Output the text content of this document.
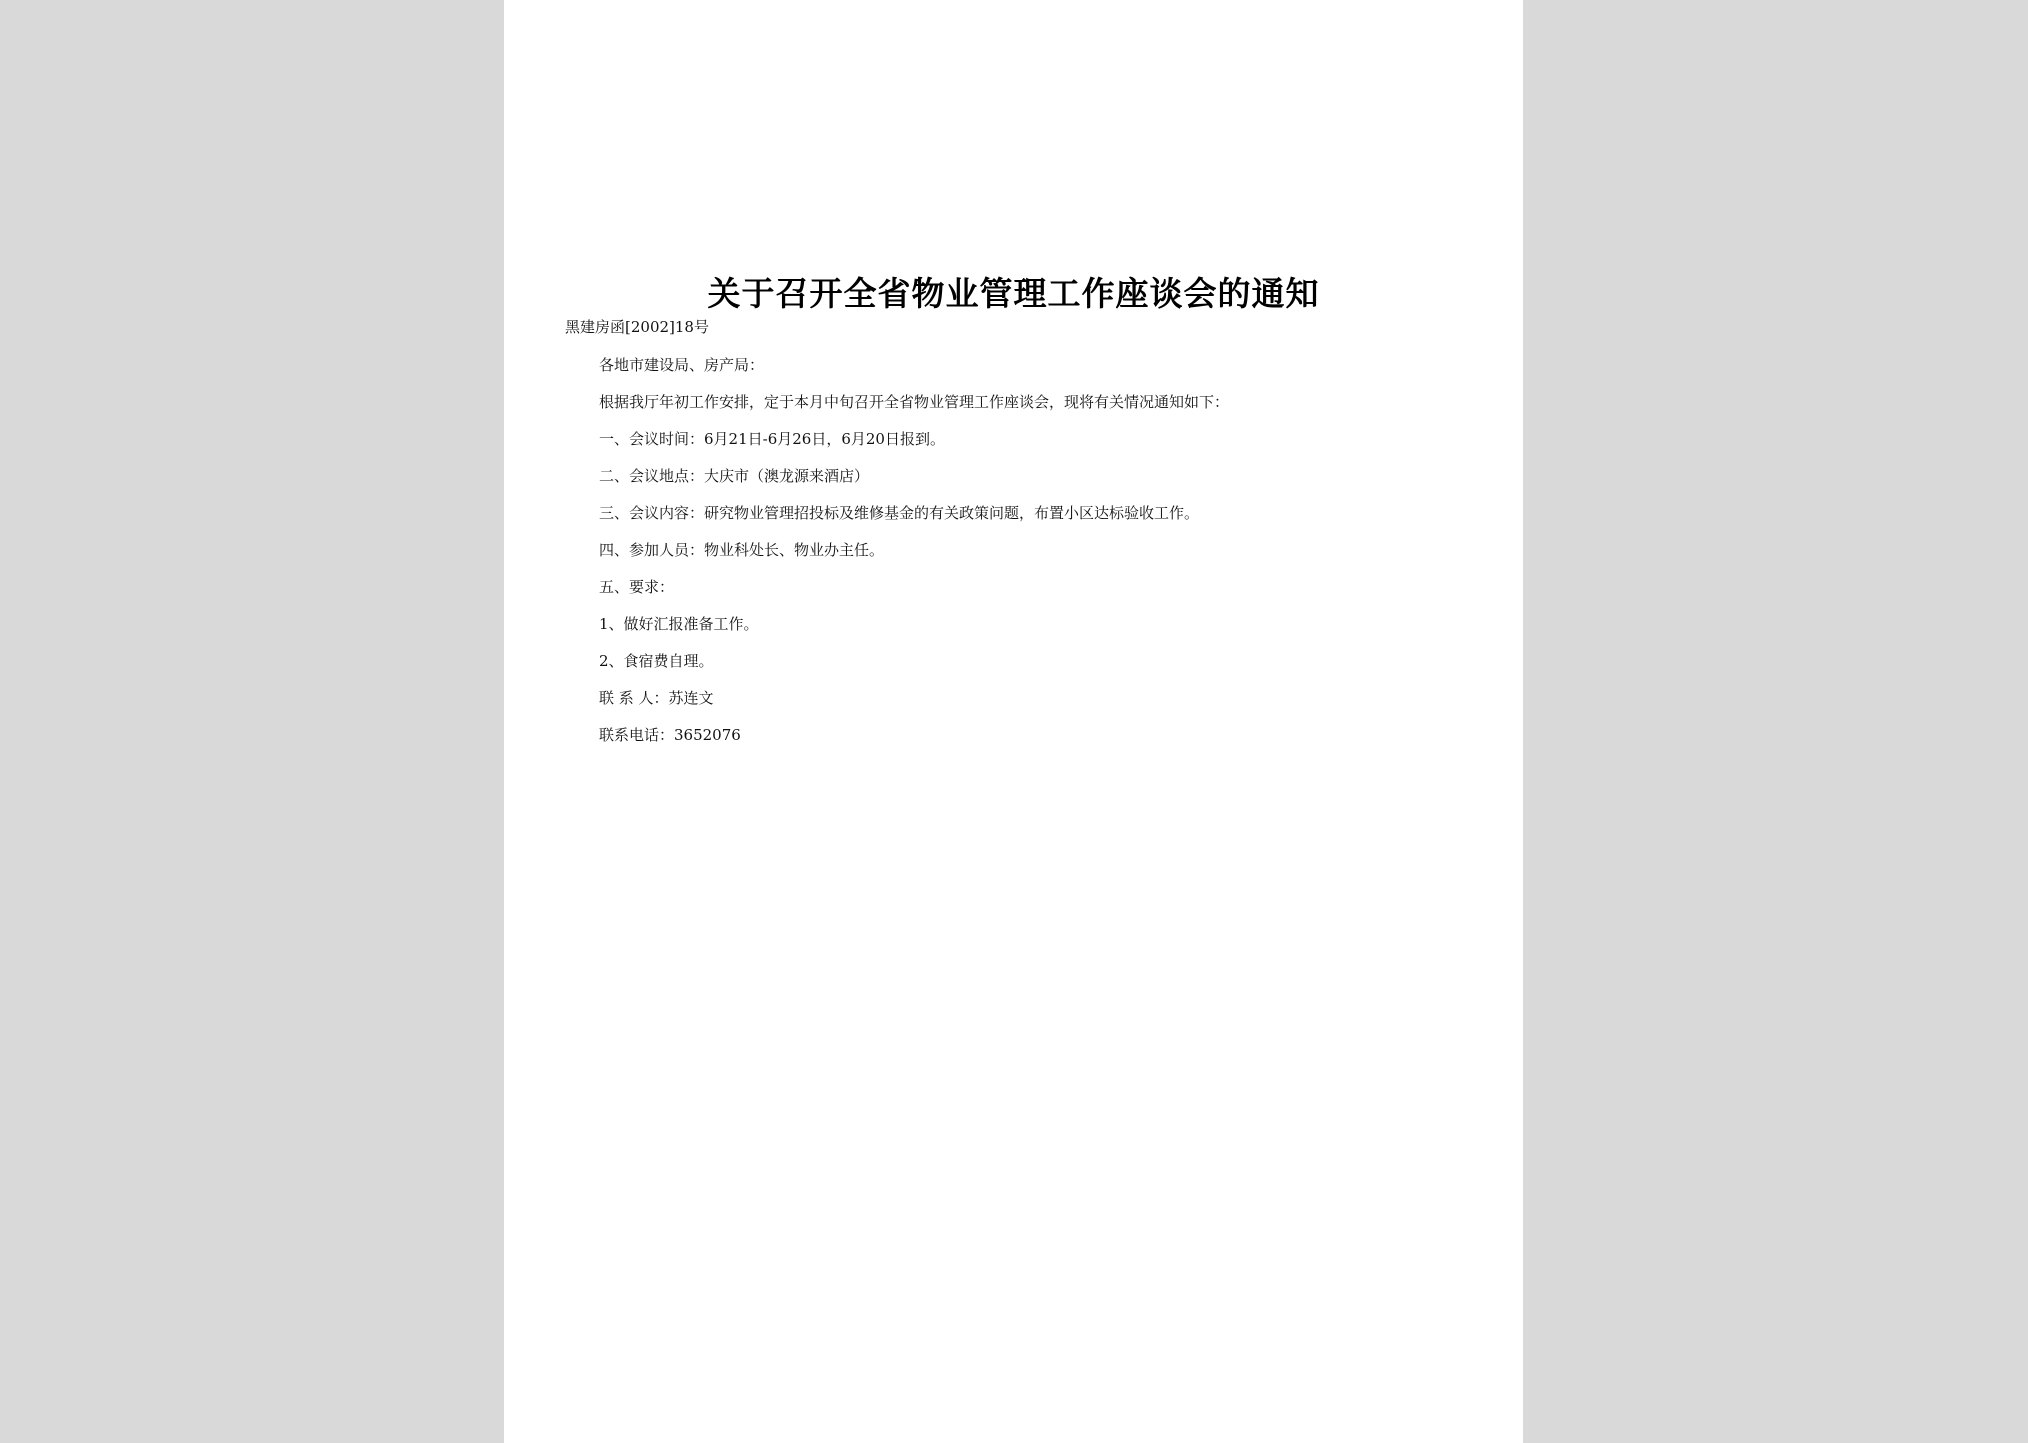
关于召开全省物业管理工作座谈会的通知
黑建房函[2002]18号
各地市建设局、房产局：
根据我厅年初工作安排，定于本月中旬召开全省物业管理工作座谈会，现将有关情况通知如下：
一、会议时间：6月21日-6月26日，6月20日报到。
二、会议地点：大庆市（澳龙源来酒店）
三、会议内容：研究物业管理招投标及维修基金的有关政策问题，布置小区达标验收工作。
四、参加人员：物业科处长、物业办主任。
五、要求：
1、做好汇报准备工作。
2、食宿费自理。
联 系 人：苏连文
联系电话：3652076
